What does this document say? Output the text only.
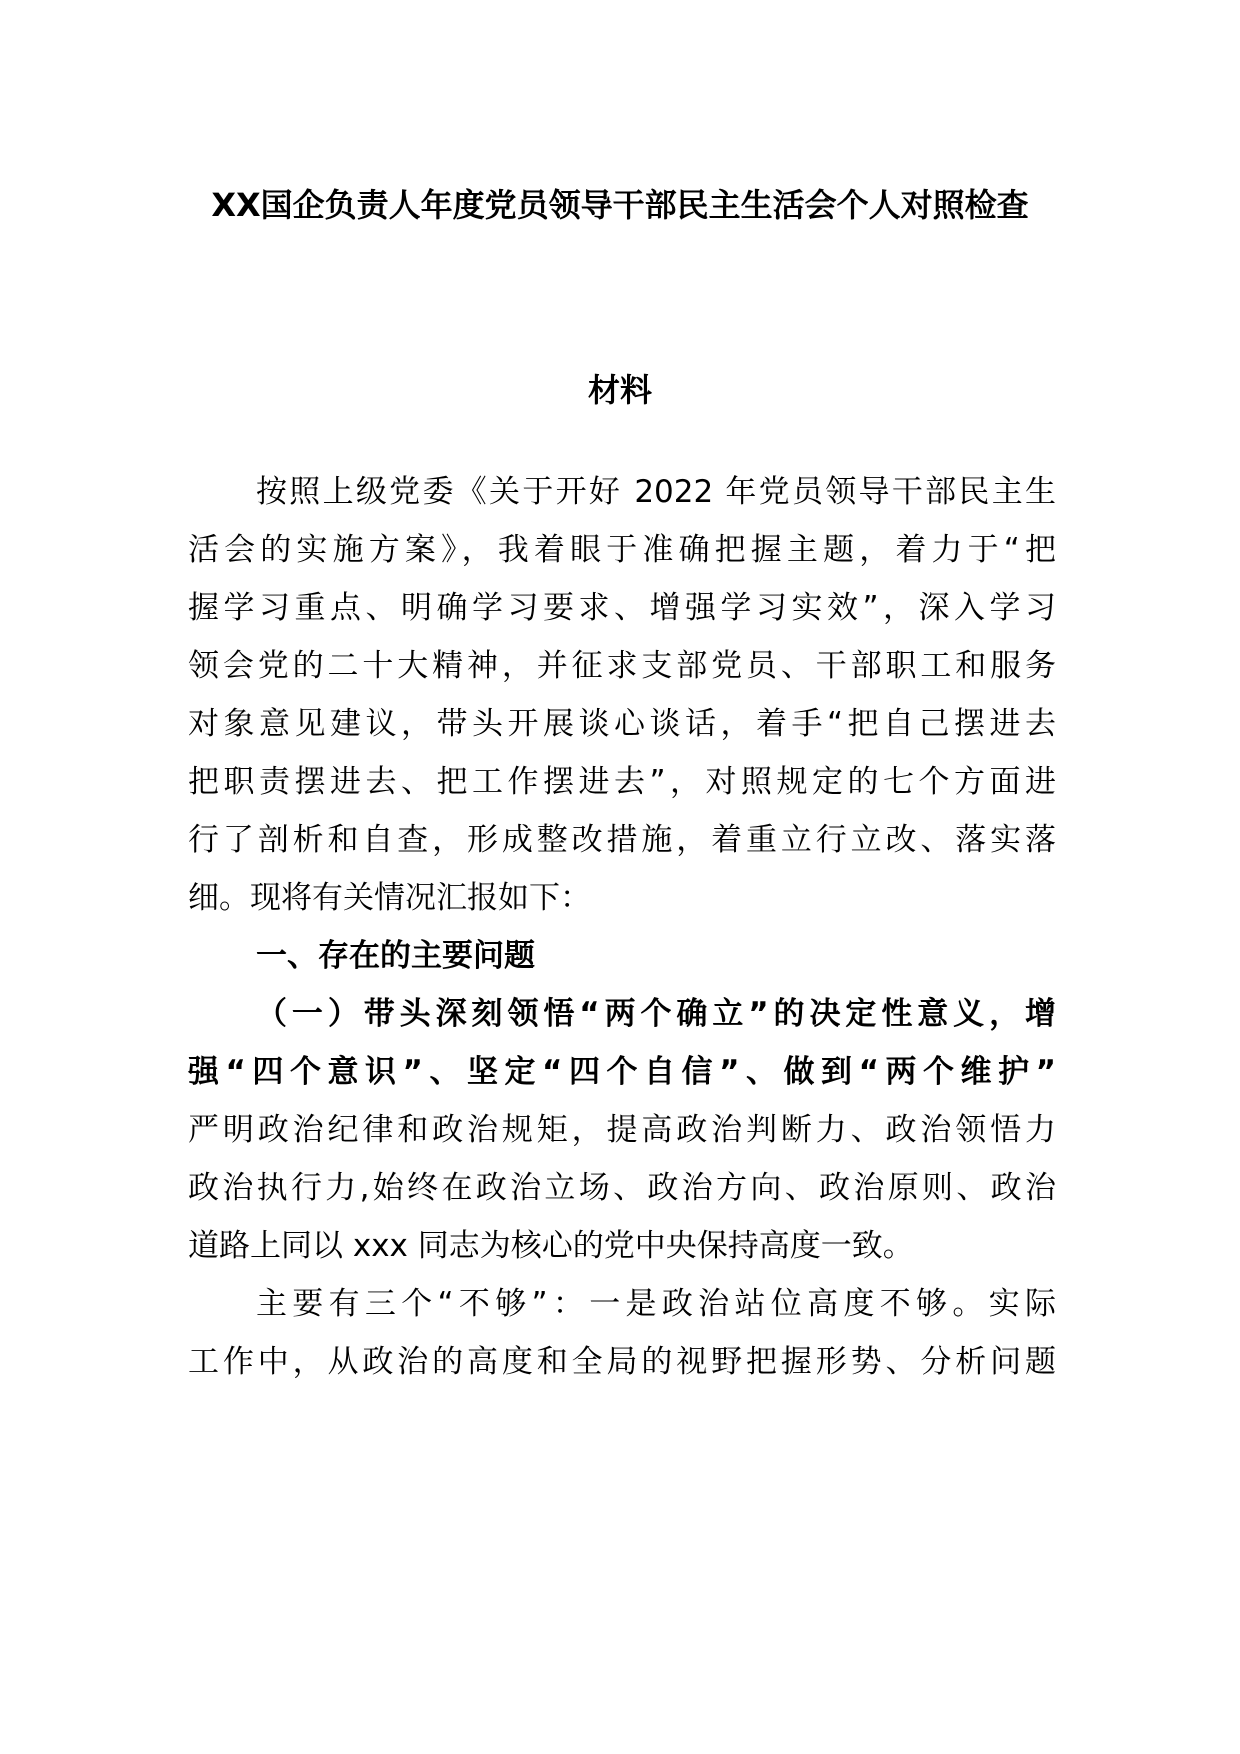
XX国企负责人年度党员领导干部民主生活会个人对照检查
材料
按照上级党委《关于开好 2022 年党员领导干部民主生
活会的实施方案》，我着眼于准确把握主题，着力于“把
握学习重点、明确学习要求、增强学习实效”，深入学习
领会党的二十大精神，并征求支部党员、干部职工和服务
对象意见建议，带头开展谈心谈话，着手“把自己摆进去
把职责摆进去、把工作摆进去”，对照规定的七个方面进
行了剖析和自查，形成整改措施，着重立行立改、落实落
细。现将有关情况汇报如下：
一、存在的主要问题
（一）带头深刻领悟“两个确立”的决定性意义，增
强“四个意识”、坚定“四个自信”、做到“两个维护”
严明政治纪律和政治规矩，提高政治判断力、政治领悟力
政治执行力,始终在政治立场、政治方向、政治原则、政治
道路上同以 xxx 同志为核心的党中央保持高度一致。
主要有三个“不够”：一是政治站位高度不够。实际
工作中，从政治的高度和全局的视野把握形势、分析问题
